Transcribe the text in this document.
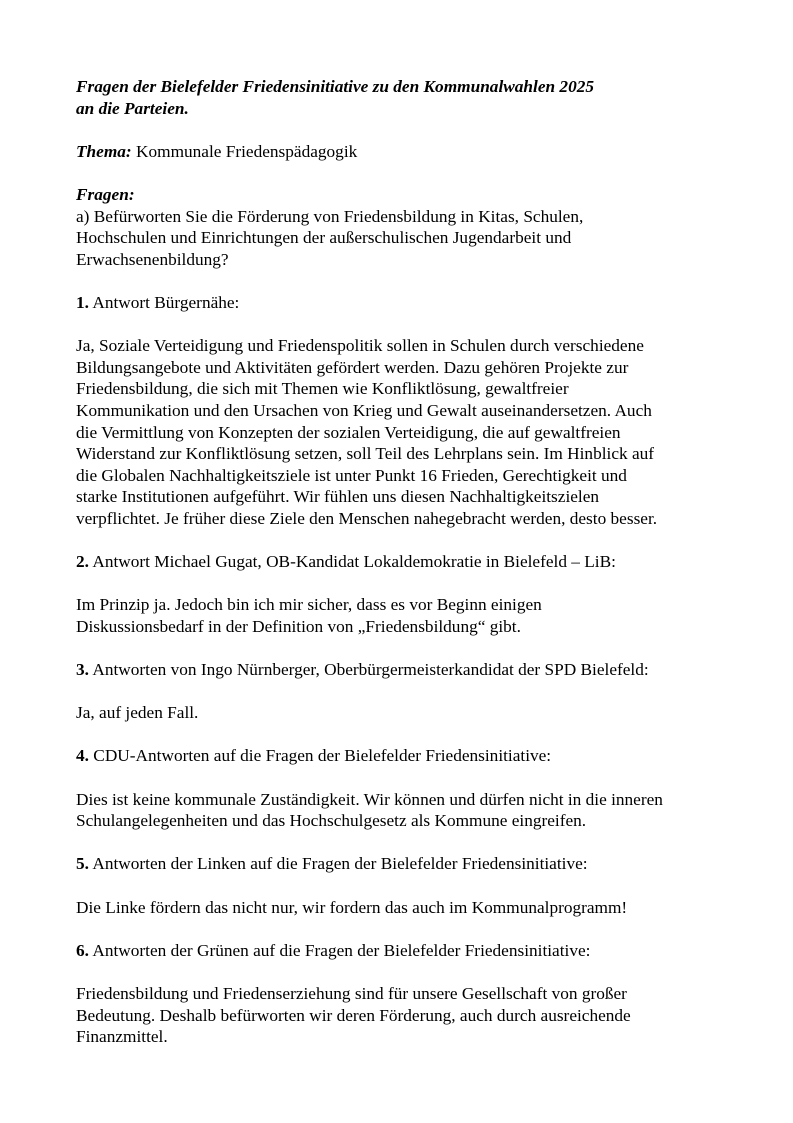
Fragen der Bielefelder Friedensinitiative zu den Kommunalwahlen 2025
an die Parteien.
Thema: Kommunale Friedenspädagogik
Fragen:
a) Befürworten Sie die Förderung von Friedensbildung in Kitas, Schulen,
Hochschulen und Einrichtungen der außerschulischen Jugendarbeit und
Erwachsenenbildung?
1. Antwort Bürgernähe:
Ja, Soziale Verteidigung und Friedenspolitik sollen in Schulen durch verschiedene
Bildungsangebote und Aktivitäten gefördert werden. Dazu gehören Projekte zur
Friedensbildung, die sich mit Themen wie Konfliktlösung, gewaltfreier
Kommunikation und den Ursachen von Krieg und Gewalt auseinandersetzen. Auch
die Vermittlung von Konzepten der sozialen Verteidigung, die auf gewaltfreien
Widerstand zur Konfliktlösung setzen, soll Teil des Lehrplans sein. Im Hinblick auf
die Globalen Nachhaltigkeitsziele ist unter Punkt 16 Frieden, Gerechtigkeit und
starke Institutionen aufgeführt. Wir fühlen uns diesen Nachhaltigkeitszielen
verpflichtet. Je früher diese Ziele den Menschen nahegebracht werden, desto besser.
2. Antwort Michael Gugat, OB-Kandidat Lokaldemokratie in Bielefeld – LiB:
Im Prinzip ja. Jedoch bin ich mir sicher, dass es vor Beginn einigen
Diskussionsbedarf in der Definition von „Friedensbildung“ gibt.
3. Antworten von Ingo Nürnberger, Oberbürgermeisterkandidat der SPD Bielefeld:
Ja, auf jeden Fall.
4. CDU-Antworten auf die Fragen der Bielefelder Friedensinitiative:
Dies ist keine kommunale Zuständigkeit. Wir können und dürfen nicht in die inneren
Schulangelegenheiten und das Hochschulgesetz als Kommune eingreifen.
5. Antworten der Linken auf die Fragen der Bielefelder Friedensinitiative:
Die Linke fördern das nicht nur, wir fordern das auch im Kommunalprogramm!
6. Antworten der Grünen auf die Fragen der Bielefelder Friedensinitiative:
Friedensbildung und Friedenserziehung sind für unsere Gesellschaft von großer
Bedeutung. Deshalb befürworten wir deren Förderung, auch durch ausreichende
Finanzmittel.
